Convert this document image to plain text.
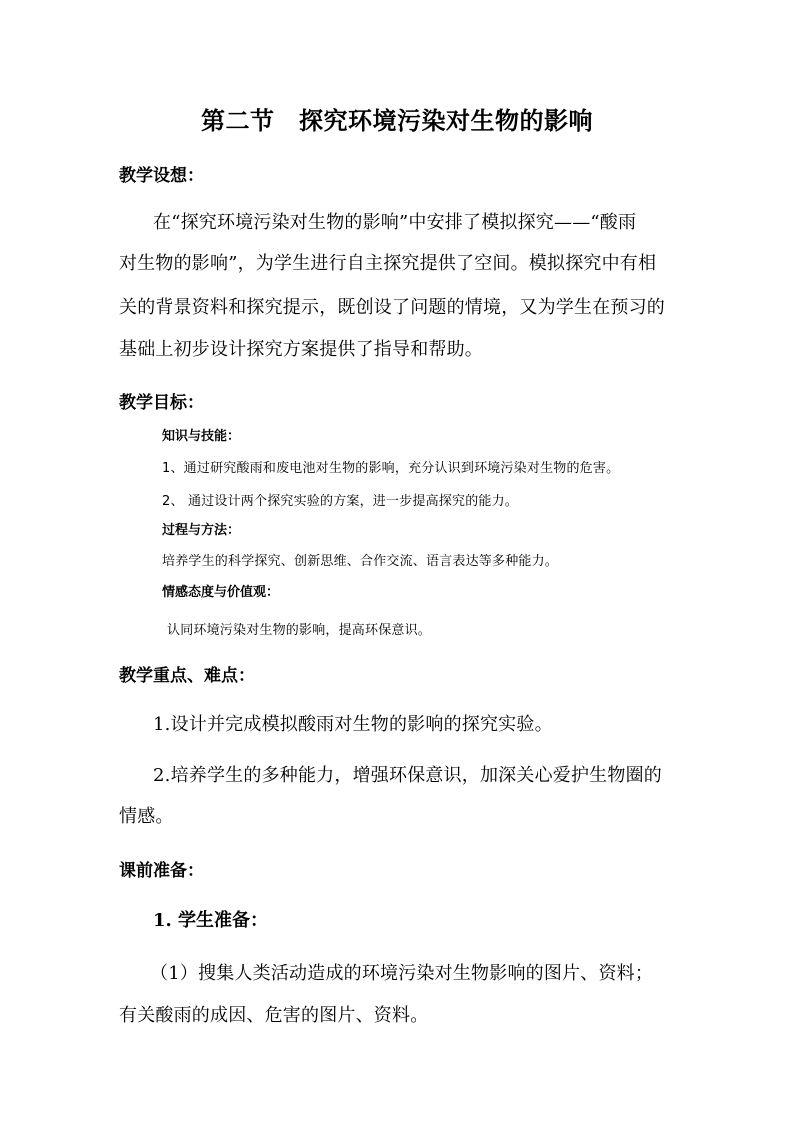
第二节　探究环境污染对生物的影响
教学设想：
在“探究环境污染对生物的影响”中安排了模拟探究——“酸雨
对生物的影响”，为学生进行自主探究提供了空间。模拟探究中有相
关的背景资料和探究提示，既创设了问题的情境，又为学生在预习的
基础上初步设计探究方案提供了指导和帮助。
教学目标：
知识与技能：
1、通过研究酸雨和废电池对生物的影响，充分认识到环境污染对生物的危害。
2、 通过设计两个探究实验的方案，进一步提高探究的能力。
过程与方法：
培养学生的科学探究、创新思维、合作交流、语言表达等多种能力。
情感态度与价值观：
认同环境污染对生物的影响，提高环保意识。
教学重点、难点：
1.设计并完成模拟酸雨对生物的影响的探究实验。
2.培养学生的多种能力，增强环保意识，加深关心爱护生物圈的
情感。
课前准备：
1. 学生准备：
（1）搜集人类活动造成的环境污染对生物影响的图片、资料；
有关酸雨的成因、危害的图片、资料。
